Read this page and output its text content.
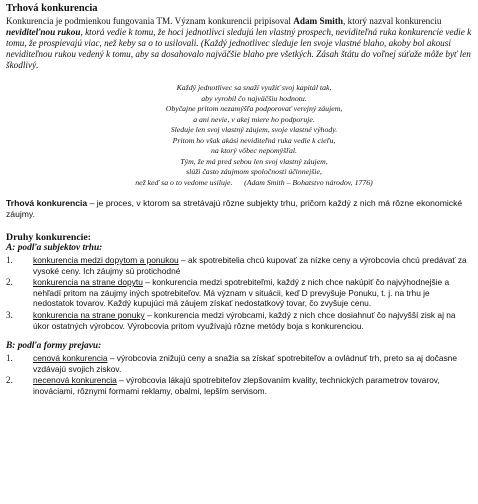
Trhová konkurencia
Konkurencia je podmienkou fungovania TM. Význam konkurencii pripisoval Adam Smith, ktorý nazval konkurenciu neviditeľnou rukou, ktorá vedie k tomu, že hoci jednotlivci sledujú len vlastný prospech, neviditeľná ruka konkurencie vedie k tomu, že prospievajú viac, než keby sa o to usilovali. (Každý jednotlivec sleduje len svoje vlastné blaho, akoby bol akousi neviditeľnou rukou vedený k tomu, aby sa dosahovalo najväčšie blaho pre všetkých. Zásah štátu do voľnej súťaže môže byť len škodlivý.
Každý jednotlivec sa snaží využiť svoj kapitál tak,
aby vyrobil čo najväčšiu hodnotu.
Obyčajne pritom nezamýšľa podporovať verejný záujem,
a ani nevie, v akej miere ho podporuje.
Sleduje len svoj vlastný záujem, svoje vlastné výhody.
Pritom ho však akási neviditeľná ruka vedie k cieľu,
na ktorý vôbec nepomýšľal.
Tým, že má pred sebou len svoj vlastný záujem,
slúži často záujmom spoločnosti účinnejšie,
než keď sa o to vedome usiluje. (Adam Smith – Bohatstvo národov, 1776)
Trhová konkurencia – je proces, v ktorom sa stretávajú rôzne subjekty trhu, pričom každý z nich má rôzne ekonomické záujmy.
Druhy konkurencie:
A: podľa subjektov trhu:
1. konkurencia medzi dopytom a ponukou – ak spotrebitelia chcú kupovať za nízke ceny a výrobcovia chcú predávať za vysoké ceny. Ich záujmy sú protichodné
2. konkurencia na strane dopytu – konkurencia medzi spotrebiteľmi, každý z nich chce nakúpiť čo najvýhodnejšie a nehľadí pritom na záujmy iných spotrebiteľov. Má význam v situácii, keď D prevyšuje Ponuku, t. j. na trhu je nedostatok tovarov. Každý kupujúci má záujem získať nedostatkový tovar, čo zvyšuje cenu.
3. konkurencia na strane ponuky – konkurencia medzi výrobcami, každý z nich chce dosiahnuť čo najvyšší zisk aj na úkor ostatných výrobcov. Výrobcovia pritom využívajú rôzne metódy boja s konkurenciou.
B: podľa formy prejavu:
1. cenová konkurencia – výrobcovia znižujú ceny a snažia sa získať spotrebiteľov a ovládnuť trh, preto sa aj dočasne vzdávajú svojich ziskov.
2. necenová konkurencia – výrobcovia lákajú spotrebiteľov zlepšovaním kvality, technických parametrov tovarov, inováciami, rôznymi formami reklamy, obalmi, lepším servisom.
